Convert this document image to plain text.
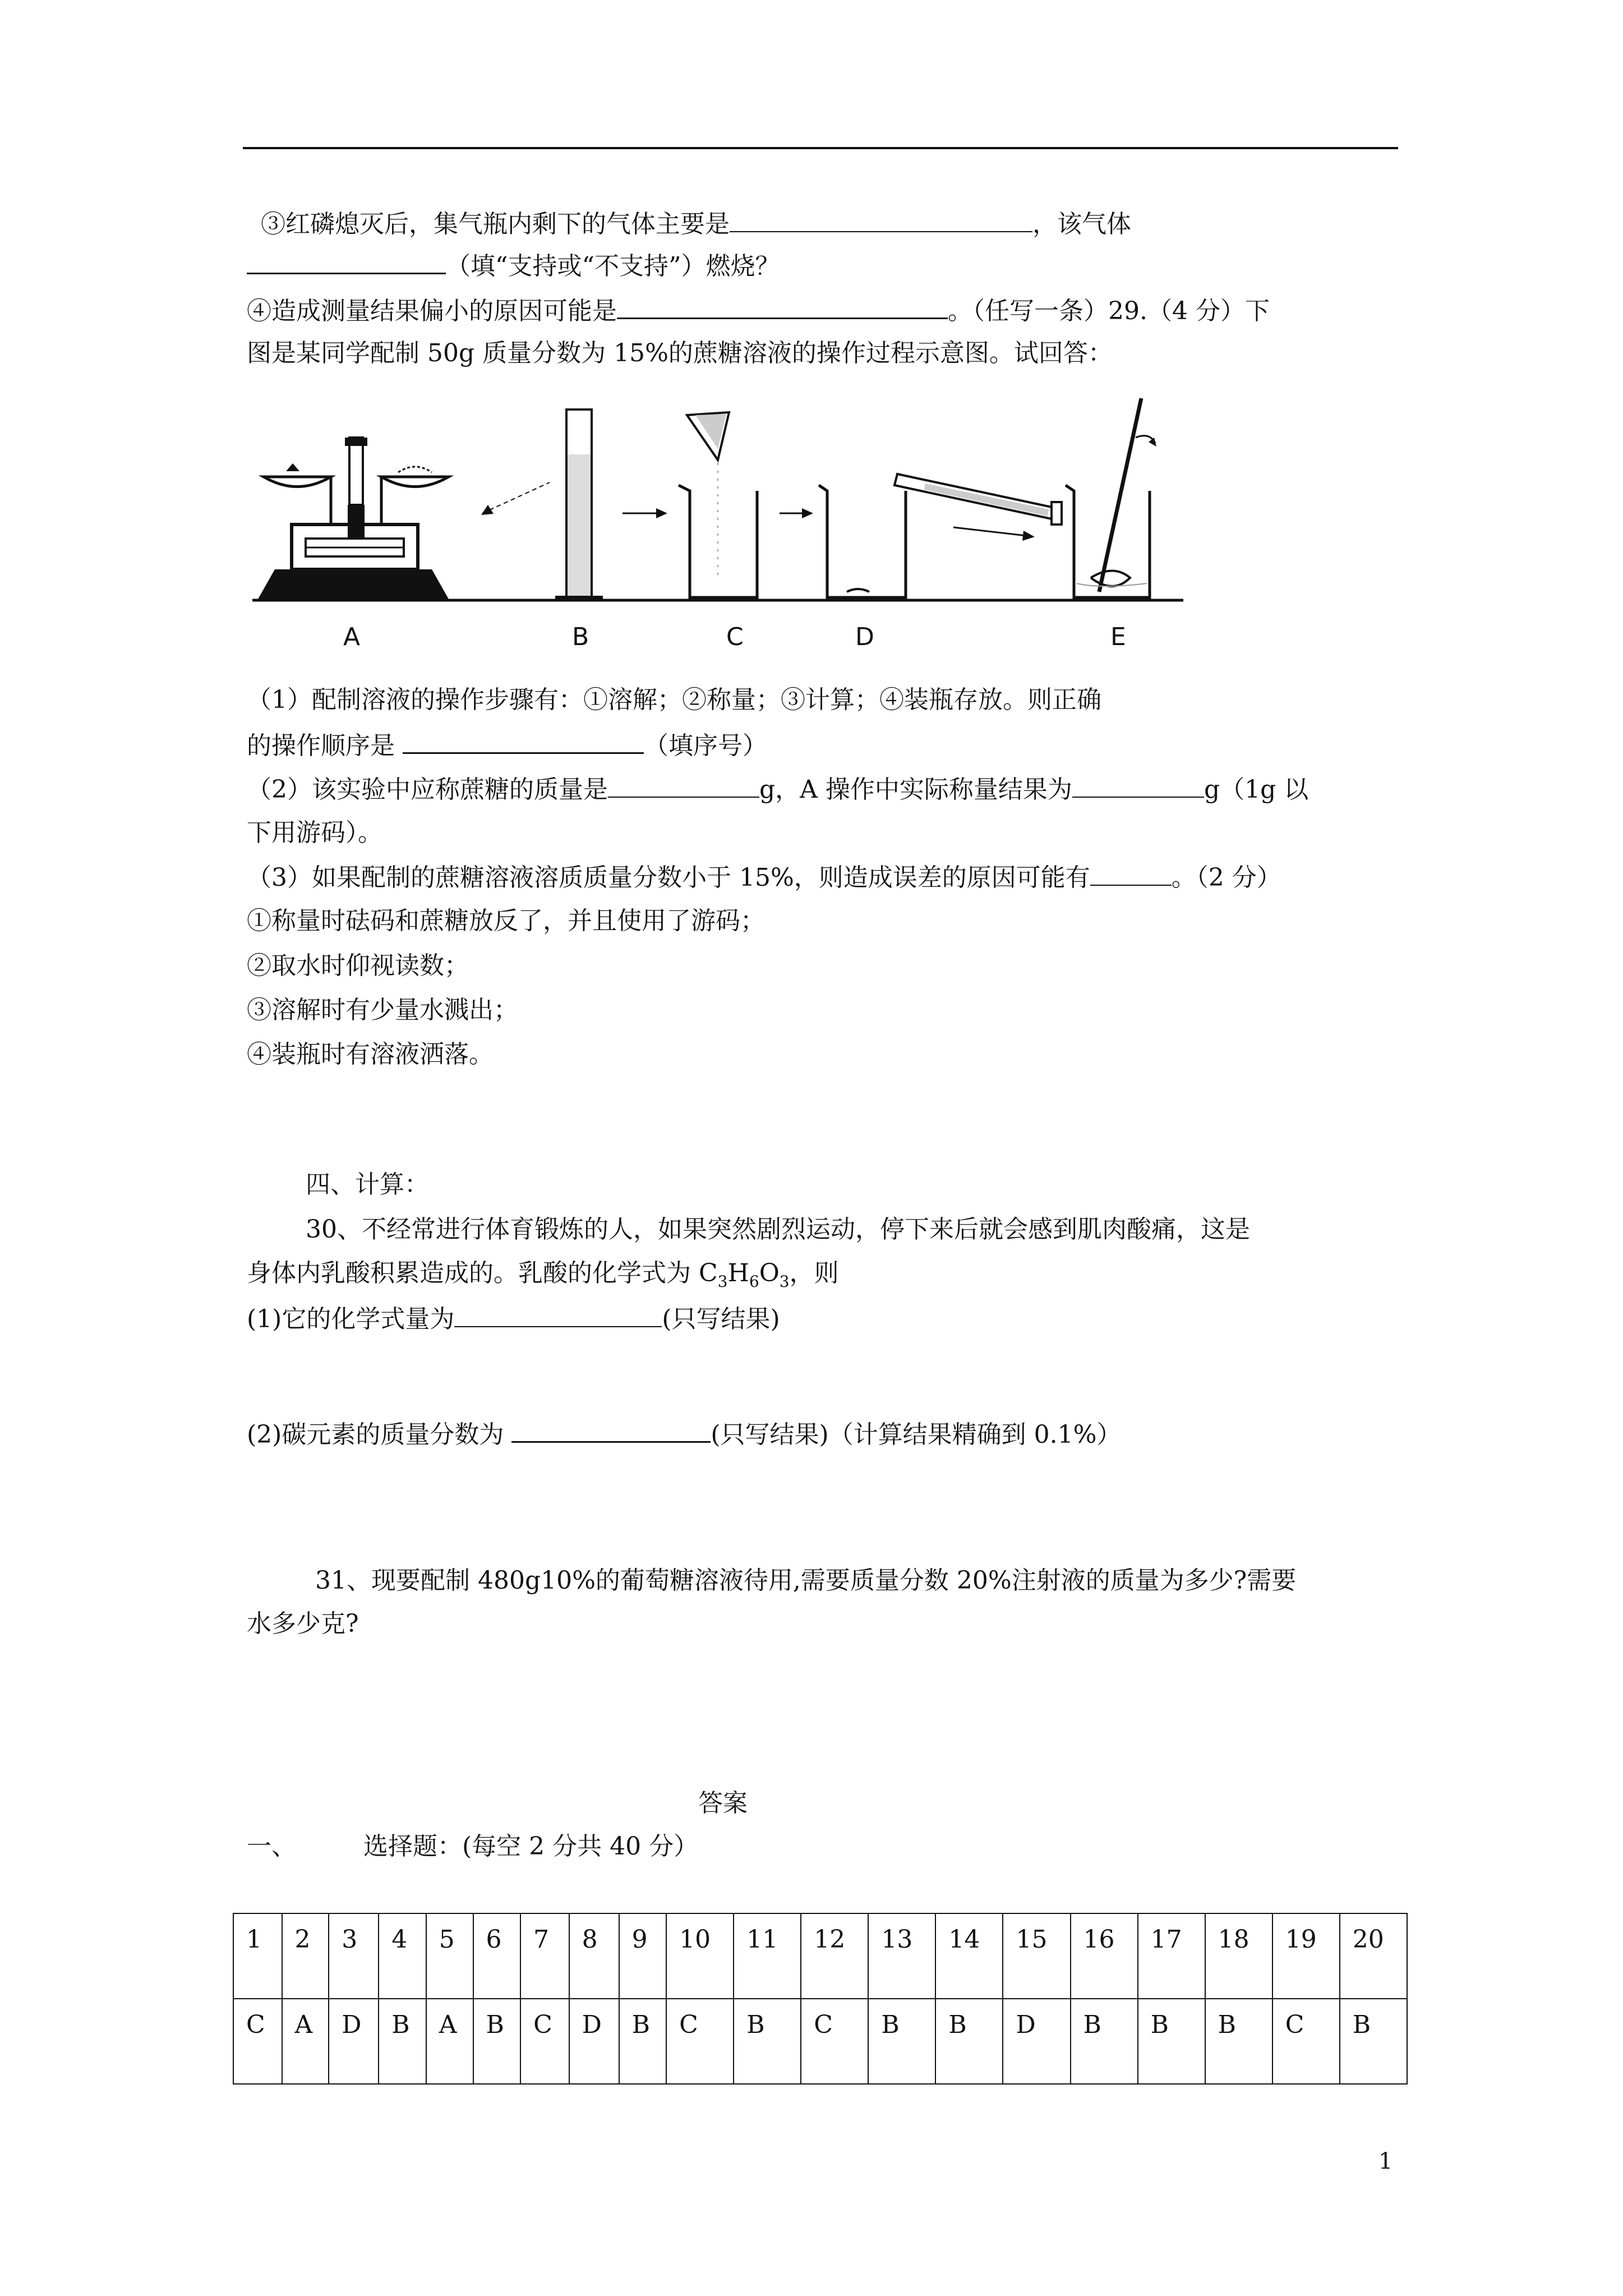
③红磷熄灭后，集气瓶内剩下的气体主要是	，该气体
（填“支持或“不支持”）燃烧？
④造成测量结果偏小的原因可能是	。（任写一条）29.（4 分）下
图是某同学配制 50g 质量分数为 15%的蔗糖溶液的操作过程示意图。试回答：
A	B	C	D	E
（1）配制溶液的操作步骤有：①溶解；②称量；③计算；④装瓶存放。则正确
的操作顺序是	（填序号）
（2）该实验中应称蔗糖的质量是	g，A 操作中实际称量结果为	g（1g 以
下用游码）。
（3）如果配制的蔗糖溶液溶质质量分数小于 15%，则造成误差的原因可能有	。（2 分）
①称量时砝码和蔗糖放反了，并且使用了游码；
②取水时仰视读数；
③溶解时有少量水溅出；
④装瓶时有溶液洒落。
四、计算：
30、不经常进行体育锻炼的人，如果突然剧烈运动，停下来后就会感到肌肉酸痛，这是
身体内乳酸积累造成的。乳酸的化学式为 $C_3H_6O_3$，则
(1)它的化学式量为	(只写结果)
(2)碳元素的质量分数为	(只写结果)（计算结果精确到 0.1%）
31、现要配制 480g10%的葡萄糖溶液待用,需要质量分数 20%注射液的质量为多少?需要
水多少克?
答案
一、	选择题：(每空 2 分共 40 分）
1	2	3	4	5	6	7	8	9	10	11	12	13	14	15	16	17	18	19	20
C	A	D	B	A	B	C	D	B	C	B	C	B	B	D	B	B	B	C	B
1
